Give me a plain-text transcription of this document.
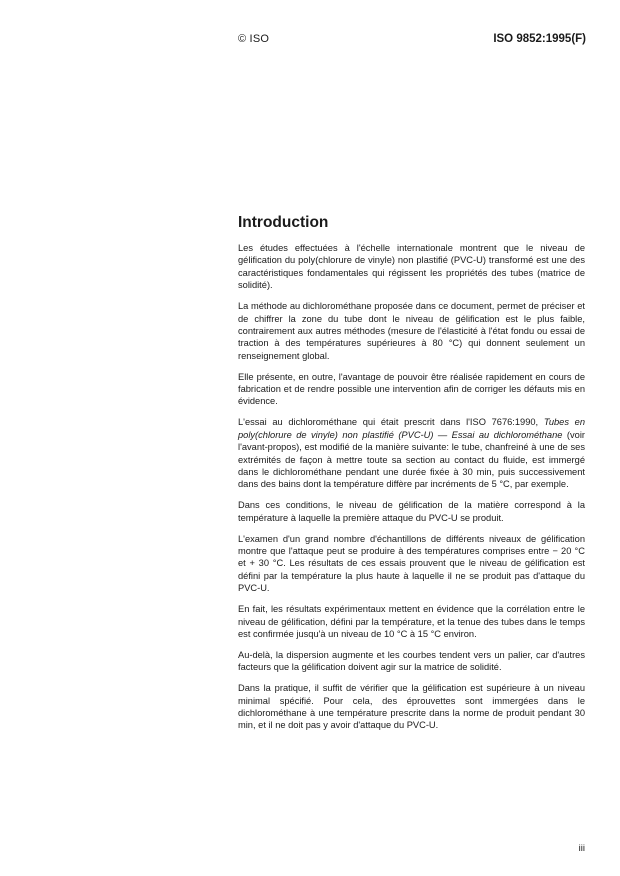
© ISO	ISO 9852:1995(F)
Introduction

Les études effectuées à l'échelle internationale montrent que le niveau de gélification du poly(chlorure de vinyle) non plastifié (PVC-U) transformé est une des caractéristiques fondamentales qui régissent les propriétés des tubes (matrice de solidité).

La méthode au dichlorométhane proposée dans ce document, permet de préciser et de chiffrer la zone du tube dont le niveau de gélification est le plus faible, contrairement aux autres méthodes (mesure de l'élasticité à l'état fondu ou essai de traction à des températures supérieures à 80 °C) qui donnent seulement un renseignement global.

Elle présente, en outre, l'avantage de pouvoir être réalisée rapidement en cours de fabrication et de rendre possible une intervention afin de corriger les défauts mis en évidence.

L'essai au dichlorométhane qui était prescrit dans l'ISO 7676:1990, Tubes en poly(chlorure de vinyle) non plastifié (PVC-U) — Essai au dichlorométhane (voir l'avant-propos), est modifié de la manière suivante: le tube, chanfreiné à une de ses extrémités de façon à mettre toute sa section au contact du fluide, est immergé dans le dichlorométhane pendant une durée fixée à 30 min, puis successivement dans des bains dont la température diffère par incréments de 5 °C, par exemple.

Dans ces conditions, le niveau de gélification de la matière correspond à la température à laquelle la première attaque du PVC-U se produit.

L'examen d'un grand nombre d'échantillons de différents niveaux de gélification montre que l'attaque peut se produire à des températures comprises entre − 20 °C et + 30 °C. Les résultats de ces essais prouvent que le niveau de gélification est défini par la température la plus haute à laquelle il ne se produit pas d'attaque du PVC-U.

En fait, les résultats expérimentaux mettent en évidence que la corrélation entre le niveau de gélification, défini par la température, et la tenue des tubes dans le temps est confirmée jusqu'à un niveau de 10 °C à 15 °C environ.

Au-delà, la dispersion augmente et les courbes tendent vers un palier, car d'autres facteurs que la gélification doivent agir sur la matrice de solidité.

Dans la pratique, il suffit de vérifier que la gélification est supérieure à un niveau minimal spécifié. Pour cela, des éprouvettes sont immergées dans le dichlorométhane à une température prescrite dans la norme de produit pendant 30 min, et il ne doit pas y avoir d'attaque du PVC-U.

iii
